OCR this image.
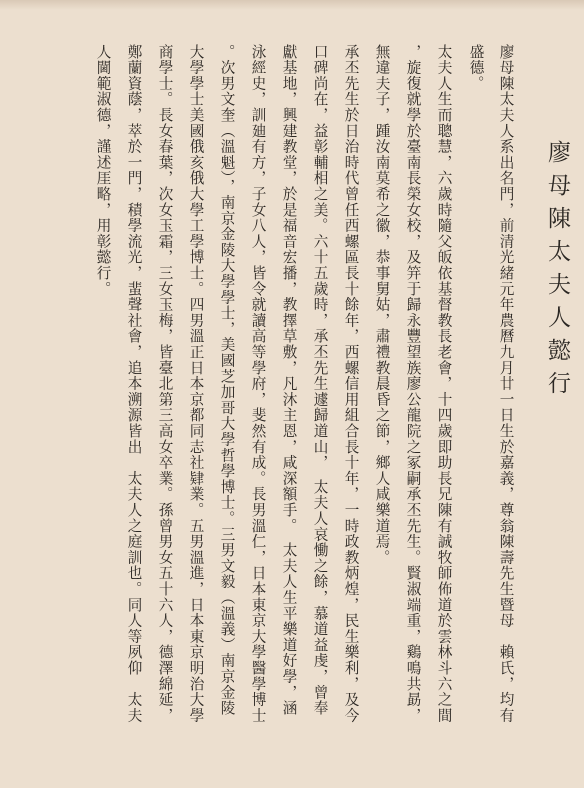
廖母陳太夫人懿行
廖母陳太夫人系出名門，前清光緒元年農曆九月廿一日生於嘉義，尊翁陳壽先生暨母　賴氏，均有
盛德。
太夫人生而聰慧，六歲時隨父皈依基督教長老會，十四歲即助長兄陳有誠牧師佈道於雲林斗六之間
，旋復就學於臺南長榮女校，及笄于歸永豐望族廖公龍院之冢嗣承丕先生。賢淑端重，鷄鳴共勗，
無違夫子，踵汝南莫希之徽，恭事舅姑，肅禮教晨昏之節，鄉人咸樂道焉。
承丕先生於日治時代曾任西螺區長十餘年，西螺信用組合長十年，一時政教炳煌，民生樂利，及今
口碑尚在，益彰輔相之美。六十五歲時，承丕先生遽歸道山，　太夫人哀慟之餘，慕道益虔，曾奉
獻基地，興建教堂，於是福音宏播，教擇草敷，凡沐主恩，咸深額手。　太夫人生平樂道好學，涵
泳經史，訓廸有方，子女八人，皆令就讀高等學府，斐然有成。長男溫仁，日本東京大學醫學博士
。次男文奎（溫魁），南京金陵大學學士，美國芝加哥大學哲學博士。三男文毅（溫義）南京金陵
大學學士美國俄亥俄大學工學博士。四男溫正日本京都同志社肄業。五男溫進，日本東京明治大學
商學士。長女春葉，次女玉霜，三女玉梅，皆臺北第三高女卒業。孫曾男女五十六人，德澤綿延，
鄭蘭資蔭，萃於一門，積學流光，蜚聲社會，追本溯源皆出　太夫人之庭訓也。同人等夙仰　太夫
人閫範淑德，謹述厓略，用彰懿行。
